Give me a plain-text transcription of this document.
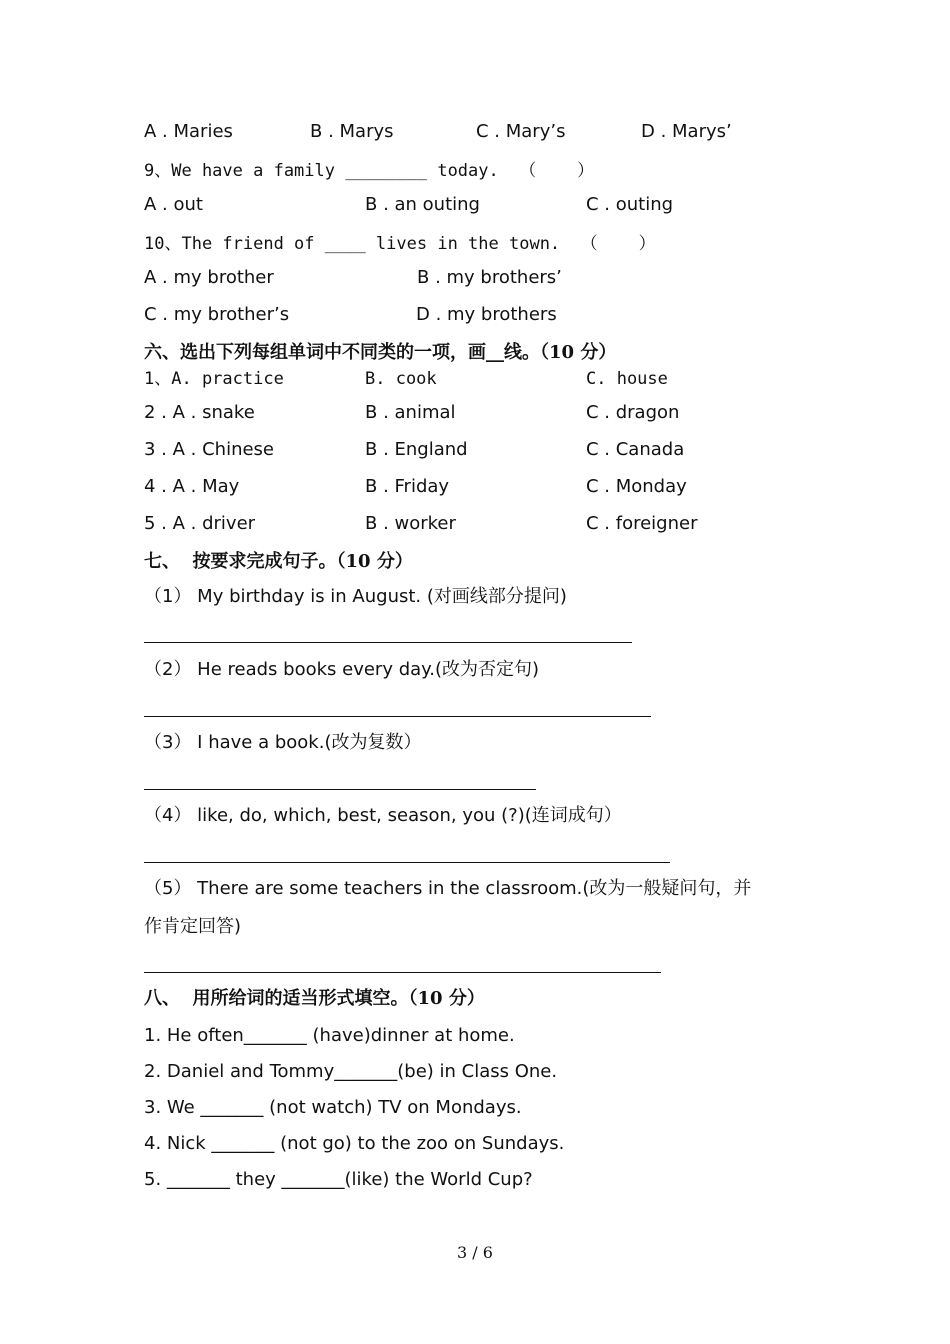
A . Maries	B . Marys	C . Mary’s	D . Marys’
9、We have a family ________ today.  （    ）
A . out	B . an outing	C . outing
10、The friend of ____ lives in the town.  （    ）
A . my brother	B . my brothers’
C . my brother’s	D . my brothers
六、选出下列每组单词中不同类的一项，画__线。（10 分）
1、A. practice	B. cook	C. house
2 . A . snake	B . animal	C . dragon
3 . A . Chinese	B . England	C . Canada
4 . A . May	B . Friday	C . Monday
5 . A . driver	B . worker	C . foreigner
七、  按要求完成句子。（10 分）
（1） My birthday is in August. (对画线部分提问)
（2） He reads books every day.(改为否定句)
（3） I have a book.(改为复数）
（4） like, do, which, best, season, you (?)(连词成句）
（5） There are some teachers in the classroom.(改为一般疑问句，并
作肯定回答)
八、  用所给词的适当形式填空。（10 分）
1. He often_______ (have)dinner at home.
2. Daniel and Tommy_______(be) in Class One.
3. We _______ (not watch) TV on Mondays.
4. Nick _______ (not go) to the zoo on Sundays.
5. _______ they _______(like) the World Cup?
3 / 6
